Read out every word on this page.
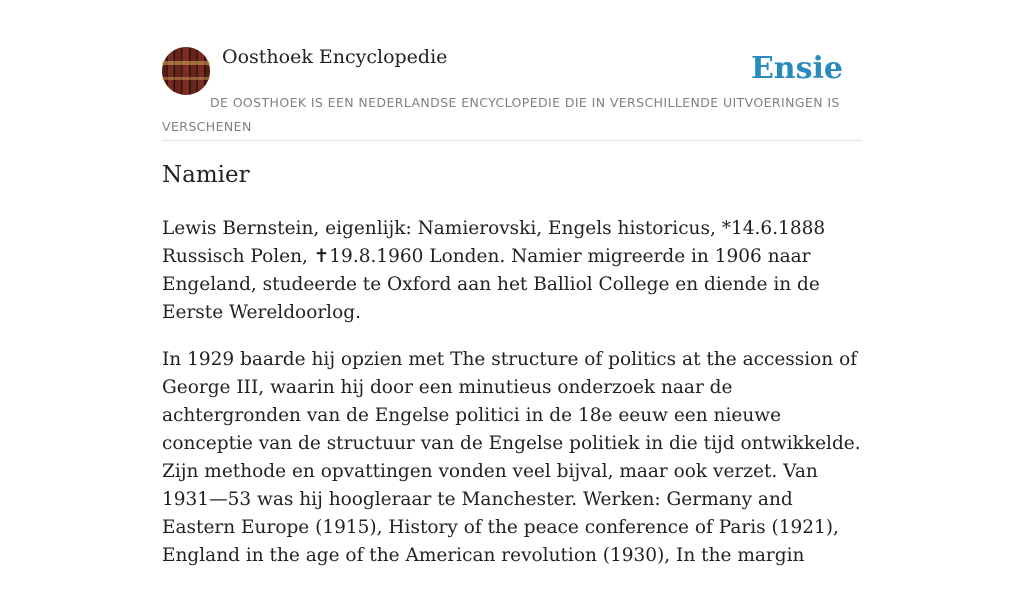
Oosthoek Encyclopedie	Ensie
DE OOSTHOEK IS EEN NEDERLANDSE ENCYCLOPEDIE DIE IN VERSCHILLENDE UITVOERINGEN IS VERSCHENEN
Namier

Lewis Bernstein, eigenlijk: Namierovski, Engels historicus, *14.6.1888 Russisch Polen, ✝19.8.1960 Londen. Namier migreerde in 1906 naar Engeland, studeerde te Oxford aan het Balliol College en diende in de Eerste Wereldoorlog.

In 1929 baarde hij opzien met The structure of politics at the accession of George III, waarin hij door een minutieus onderzoek naar de achtergronden van de Engelse politici in de 18e eeuw een nieuwe conceptie van de structuur van de Engelse politiek in die tijd ontwikkelde. Zijn methode en opvattingen vonden veel bijval, maar ook verzet. Van 1931—53 was hij hoogleraar te Manchester. Werken: Germany and Eastern Europe (1915), History of the peace conference of Paris (1921), England in the age of the American revolution (1930), In the margin
